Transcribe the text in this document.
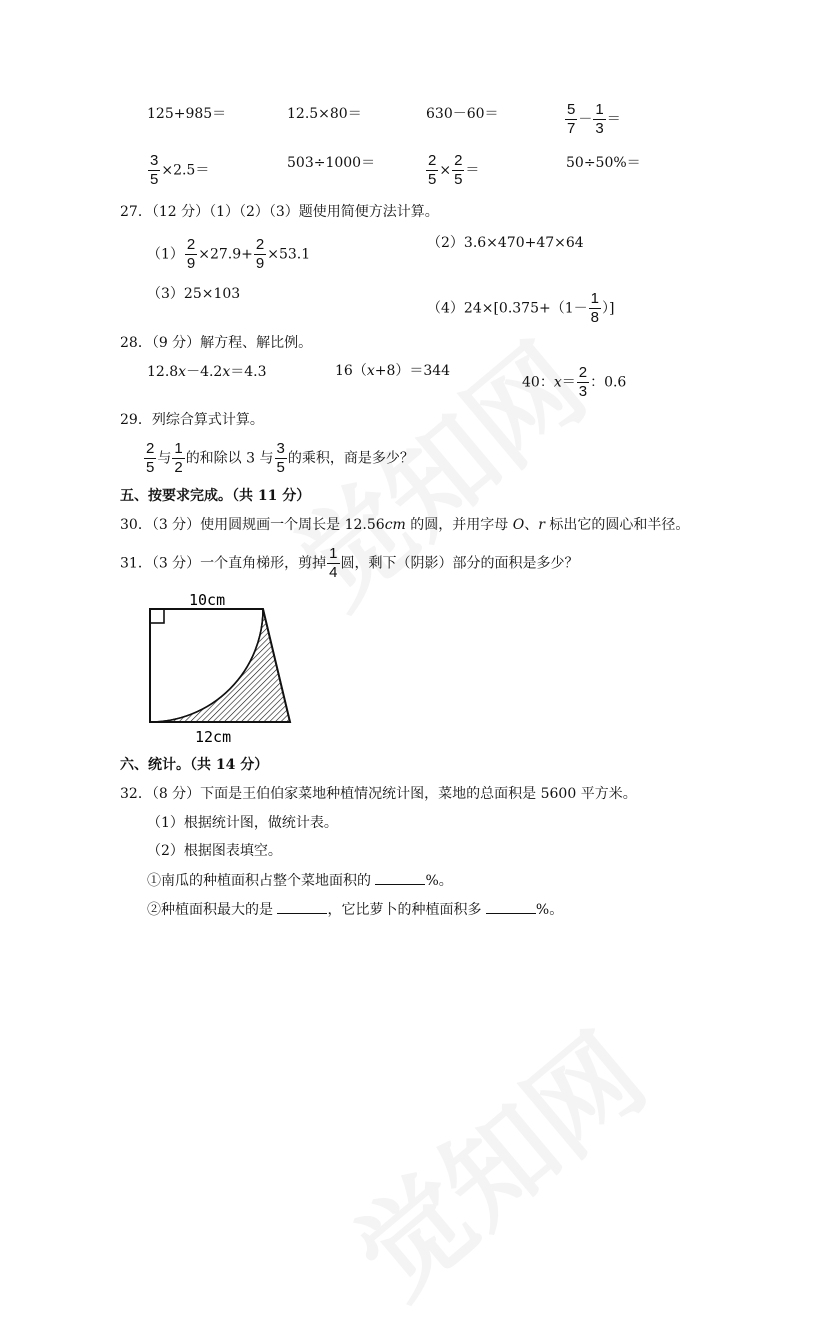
125+985＝	12.5×80＝	630－60＝	$\frac{5}{7} - \frac{1}{3}$ ＝
$\frac{3}{5} \times 2.5=$	503÷1000＝	$\frac{2}{5} \times \frac{2}{5}$ ＝	50÷50%＝
27．（12 分）（1）（2）（3）题使用简便方法计算。
$(1) \frac{2}{9} \times 27.9+ \frac{2}{9} \times 53.1$
（2）3.6×470+47×64
（3）25×103
$(4)24\times[0.375+(1- \frac{1}{8}$ ）]
28．（9 分）解方程、解比例。
12.8x－4.2x＝4.3	16（x+8）＝344
40：$x= \frac{2}{3}$ ：0.6
29．列综合算式计算。
$\frac{2}{5}$ 与 $\frac{1}{2}$ 的和除以 3 与 $\frac{3}{5}$ 的乘积，商是多少？
五、按要求完成。（共 11 分）
30．（3 分）使用圆规画一个周长是 12.56cm 的圆，并用字母 O、r 标出它的圆心和半径。
31．（3 分）一个直角梯形，剪掉 $\frac{1}{4}$ 圆，剩下（阴影）部分的面积是多少？
10cm
12cm
六、统计。（共 14 分）
32．（8 分）下面是王伯伯家菜地种植情况统计图，菜地的总面积是 5600 平方米。
（1）根据统计图，做统计表。
（2）根据图表填空。
①南瓜的种植面积占整个菜地面积的	%。
②种植面积最大的是	，它比萝卜的种植面积多	%。
